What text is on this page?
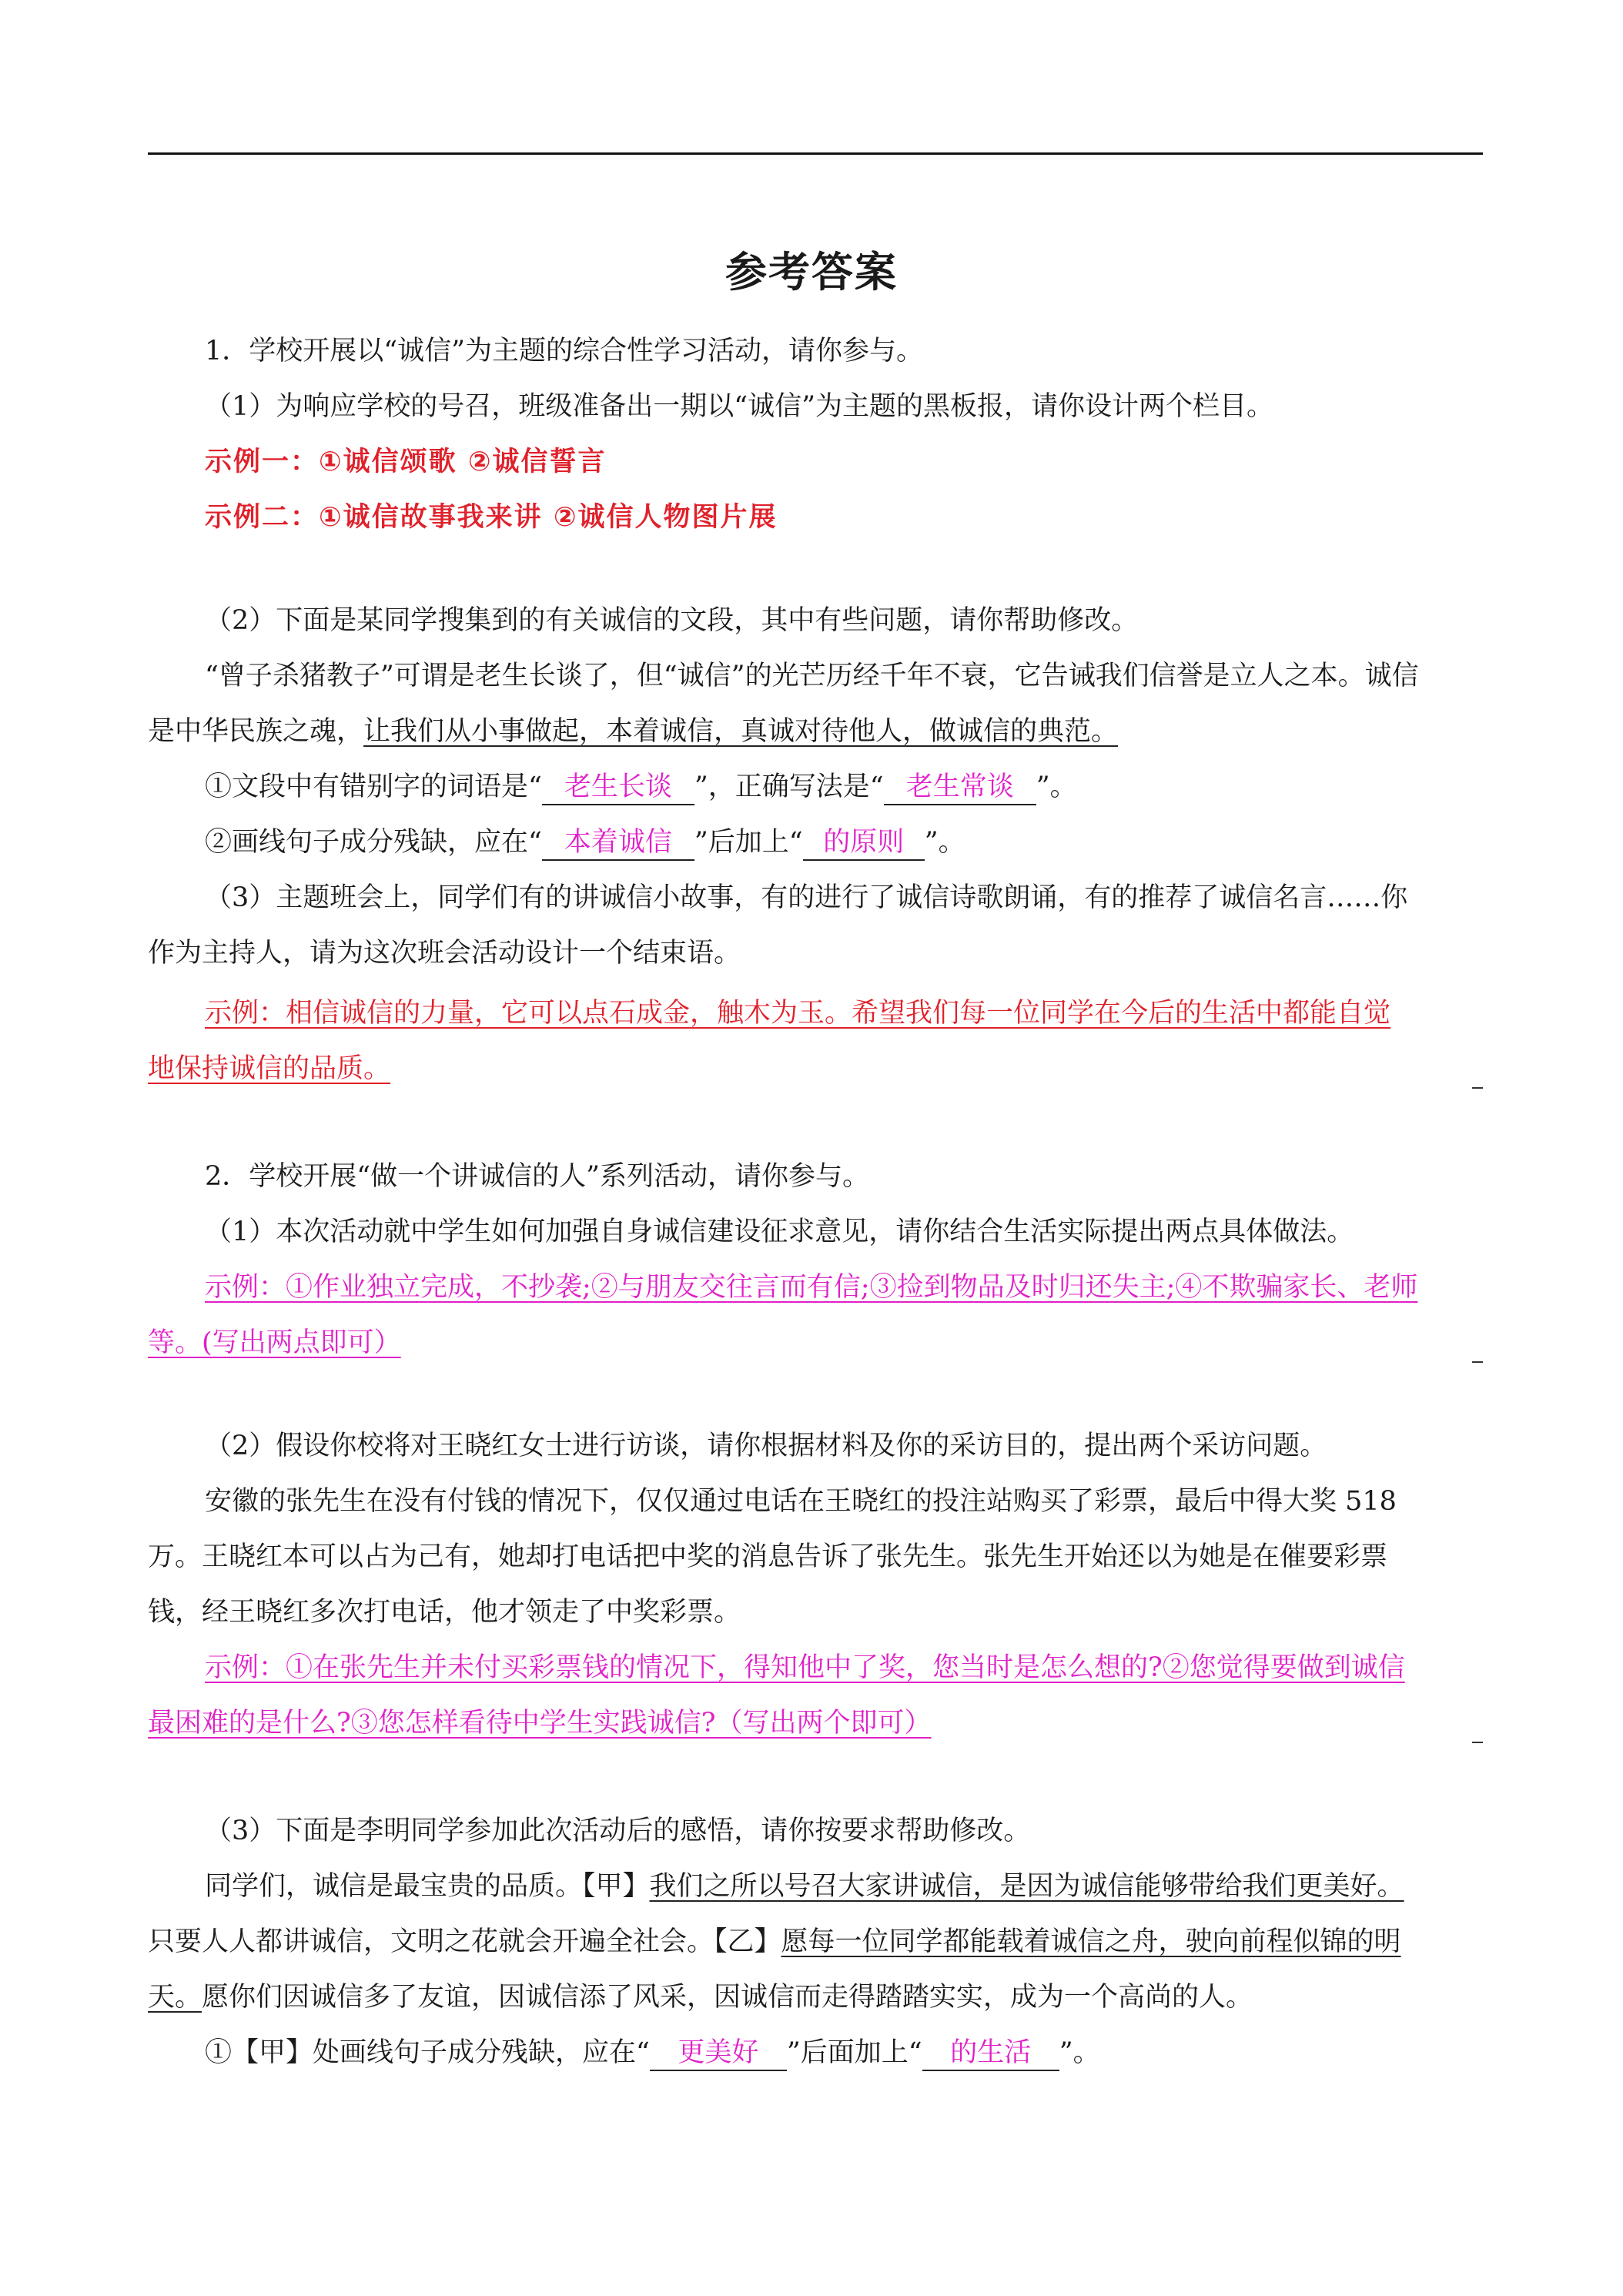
参考答案
1．学校开展以“诚信”为主题的综合性学习活动，请你参与。
（1）为响应学校的号召，班级准备出一期以“诚信”为主题的黑板报，请你设计两个栏目。
示例一：①诚信颂歌 ②诚信誓言
示例二：①诚信故事我来讲 ②诚信人物图片展
（2）下面是某同学搜集到的有关诚信的文段，其中有些问题，请你帮助修改。
“曾子杀猪教子”可谓是老生长谈了，但“诚信”的光芒历经千年不衰，它告诫我们信誉是立人之本。诚信
是中华民族之魂，让我们从小事做起，本着诚信，真诚对待他人，做诚信的典范。
①文段中有错别字的词语是“ 老生长谈 ”，正确写法是“ 老生常谈 ”。
②画线句子成分残缺，应在“ 本着诚信 ”后加上“ 的原则 ”。
（3）主题班会上，同学们有的讲诚信小故事，有的进行了诚信诗歌朗诵，有的推荐了诚信名言……你
作为主持人，请为这次班会活动设计一个结束语。
示例：相信诚信的力量，它可以点石成金，触木为玉。希望我们每一位同学在今后的生活中都能自觉
地保持诚信的品质。
2．学校开展“做一个讲诚信的人”系列活动，请你参与。
（1）本次活动就中学生如何加强自身诚信建设征求意见，请你结合生活实际提出两点具体做法。
示例：①作业独立完成，不抄袭;②与朋友交往言而有信;③捡到物品及时归还失主;④不欺骗家长、老师
等。(写出两点即可）
（2）假设你校将对王晓红女士进行访谈，请你根据材料及你的采访目的，提出两个采访问题。
安徽的张先生在没有付钱的情况下，仅仅通过电话在王晓红的投注站购买了彩票，最后中得大奖 518
万。王晓红本可以占为己有，她却打电话把中奖的消息告诉了张先生。张先生开始还以为她是在催要彩票
钱，经王晓红多次打电话，他才领走了中奖彩票。
示例：①在张先生并未付买彩票钱的情况下，得知他中了奖，您当时是怎么想的?②您觉得要做到诚信
最困难的是什么?③您怎样看待中学生实践诚信?（写出两个即可）
（3）下面是李明同学参加此次活动后的感悟，请你按要求帮助修改。
同学们，诚信是最宝贵的品质。【甲】我们之所以号召大家讲诚信，是因为诚信能够带给我们更美好。
只要人人都讲诚信，文明之花就会开遍全社会。【乙】愿每一位同学都能载着诚信之舟，驶向前程似锦的明
天。愿你们因诚信多了友谊，因诚信添了风采，因诚信而走得踏踏实实，成为一个高尚的人。
①【甲】处画线句子成分残缺，应在“ 更美好 ”后面加上“ 的生活 ”。
